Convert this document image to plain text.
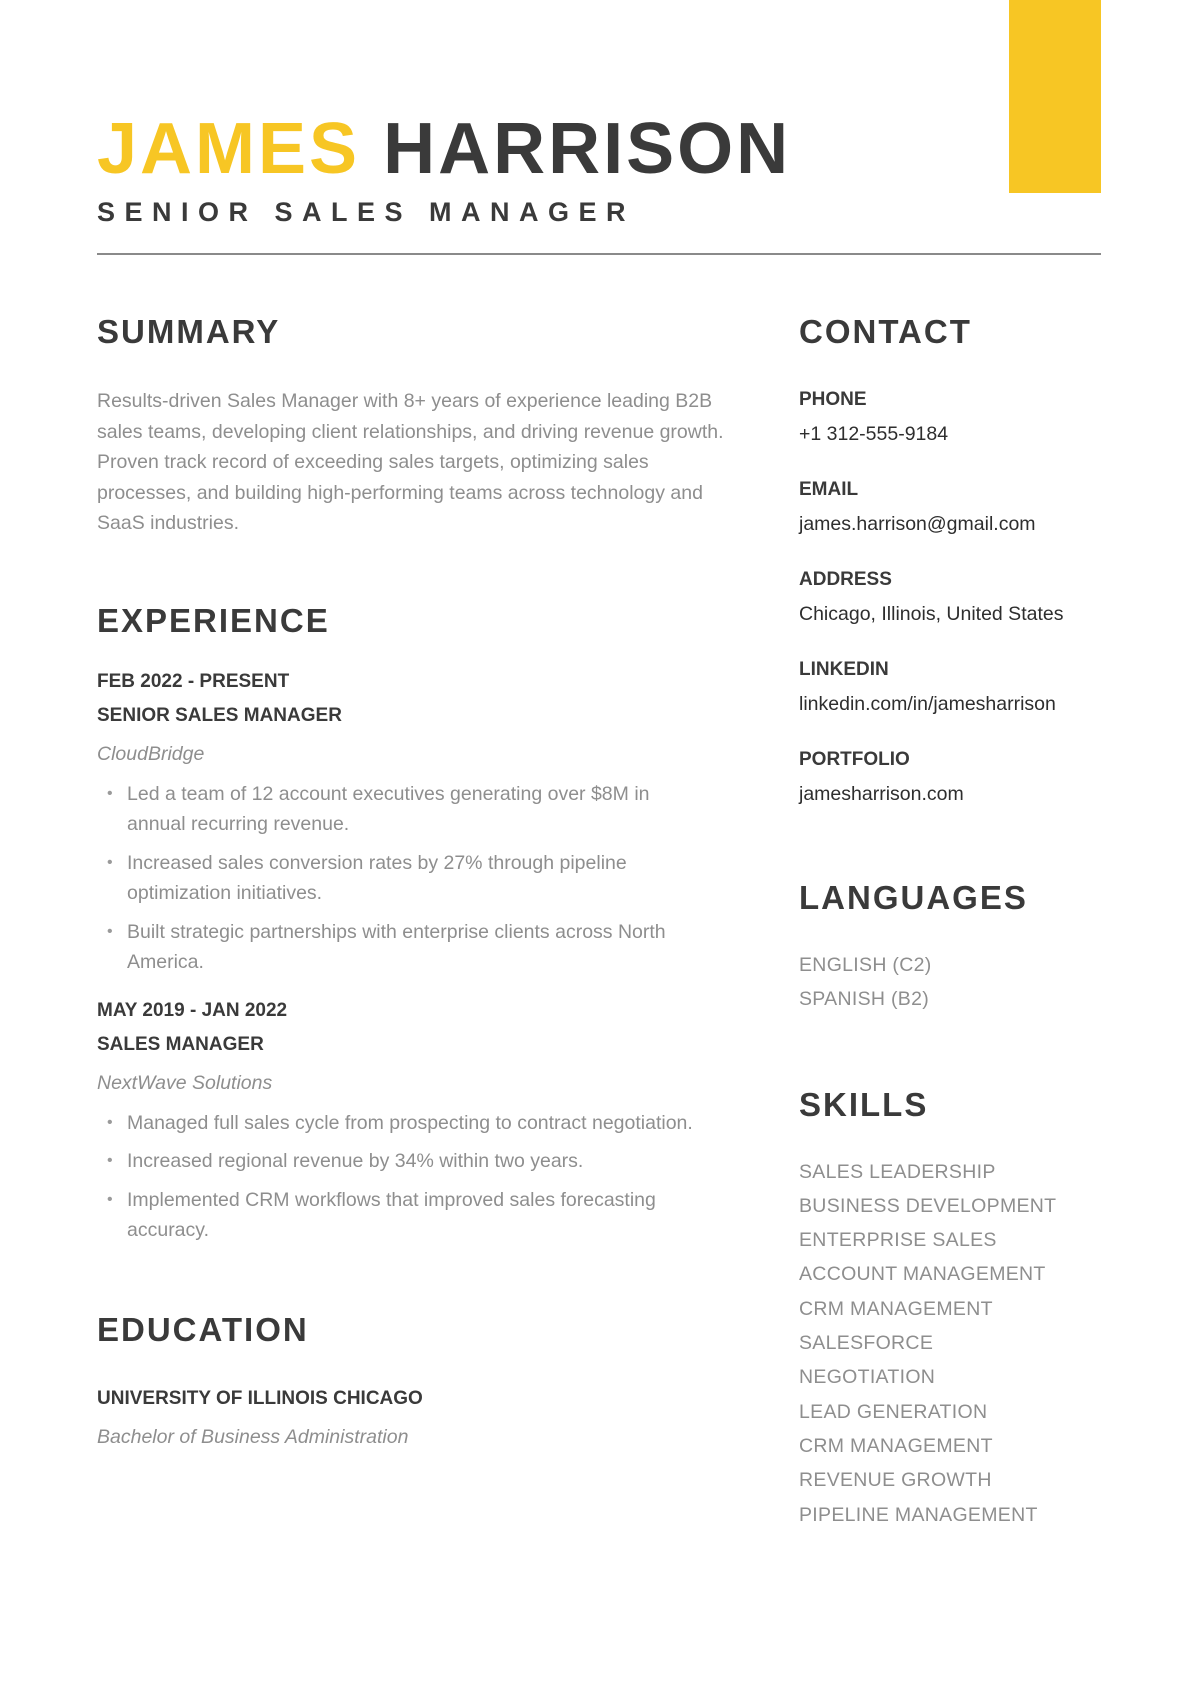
JAMES HARRISON
SENIOR SALES MANAGER
SUMMARY

Results-driven Sales Manager with 8+ years of experience leading B2B sales teams, developing client relationships, and driving revenue growth. Proven track record of exceeding sales targets, optimizing sales processes, and building high-performing teams across technology and SaaS industries.

EXPERIENCE
FEB 2022 - PRESENT
SENIOR SALES MANAGER
CloudBridge
• Led a team of 12 account executives generating over $8M in annual recurring revenue.
• Increased sales conversion rates by 27% through pipeline optimization initiatives.
• Built strategic partnerships with enterprise clients across North America.
MAY 2019 - JAN 2022
SALES MANAGER
NextWave Solutions
• Managed full sales cycle from prospecting to contract negotiation.
• Increased regional revenue by 34% within two years.
• Implemented CRM workflows that improved sales forecasting accuracy.
EDUCATION
UNIVERSITY OF ILLINOIS CHICAGO
Bachelor of Business Administration
CONTACT
PHONE
+1 312-555-9184
EMAIL
james.harrison@gmail.com
ADDRESS
Chicago, Illinois, United States
LINKEDIN
linkedin.com/in/jamesharrison
PORTFOLIO
jamesharrison.com
LANGUAGES
ENGLISH (C2)
SPANISH (B2)
SKILLS
SALES LEADERSHIP
BUSINESS DEVELOPMENT
ENTERPRISE SALES
ACCOUNT MANAGEMENT
CRM MANAGEMENT
SALESFORCE
NEGOTIATION
LEAD GENERATION
CRM MANAGEMENT
REVENUE GROWTH
PIPELINE MANAGEMENT
